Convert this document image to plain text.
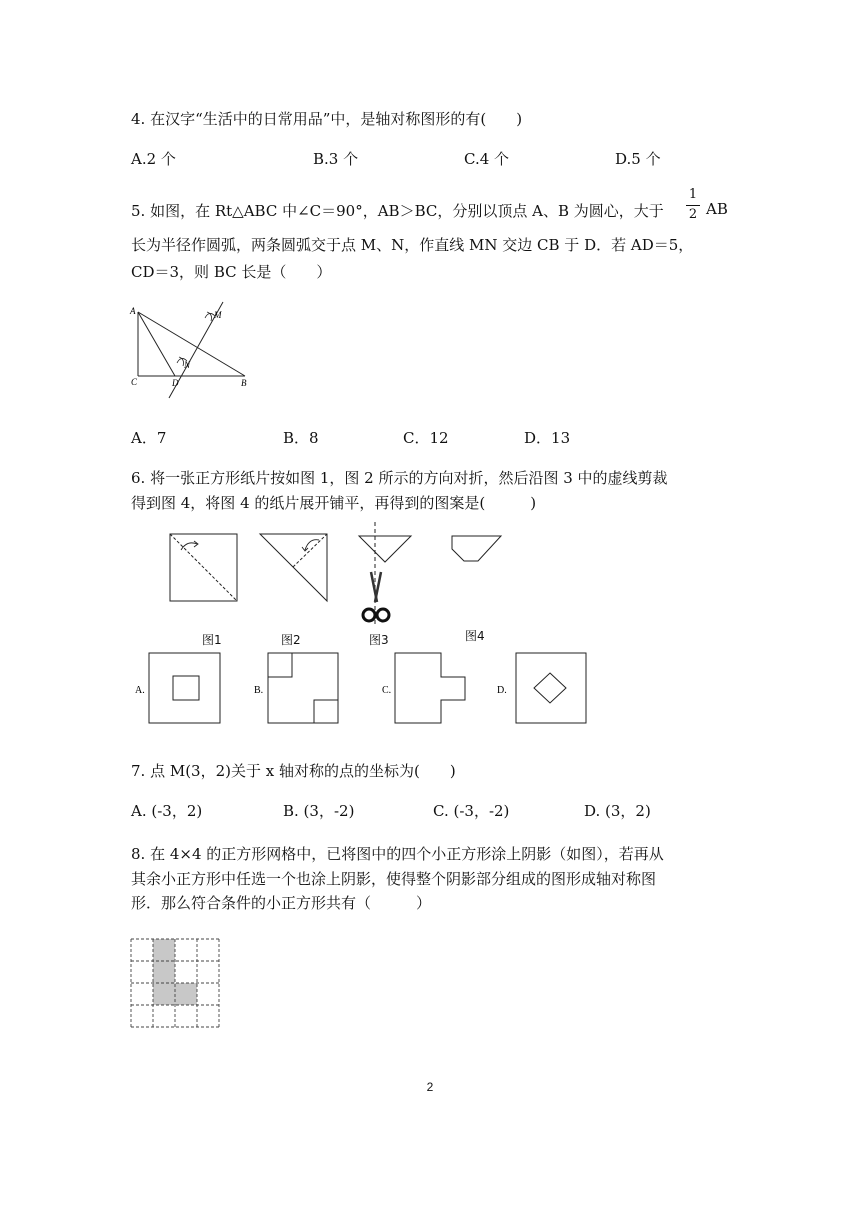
4. 在汉字“生活中的日常用品”中，是轴对称图形的有(　　)
A.2 个	B.3 个	C.4 个	D.5 个
5. 如图，在 Rt△ABC 中∠C＝90°，AB＞BC，分别以顶点 A、B 为圆心，大于
1
2 AB
长为半径作圆弧，两条圆弧交于点 M、N，作直线 MN 交边 CB 于 D．若 AD＝5，
CD＝3，则 BC 长是（　　）
A	M
N
C	D	B
A．7	B．8	C．12	D．13
6. 将一张正方形纸片按如图 1，图 2 所示的方向对折，然后沿图 3 中的虚线剪裁
得到图 4，将图 4 的纸片展开铺平，再得到的图案是(　　　)
图1	图2	图3	图4
A.	B.	C.	D.
7. 点 M(3，2)关于 x 轴对称的点的坐标为(　　)
A. (-3，2)	B. (3，-2)	C. (-3，-2)	D. (3，2)
8. 在 4×4 的正方形网格中，已将图中的四个小正方形涂上阴影（如图），若再从
其余小正方形中任选一个也涂上阴影，使得整个阴影部分组成的图形成轴对称图
形．那么符合条件的小正方形共有（　　　）
2
